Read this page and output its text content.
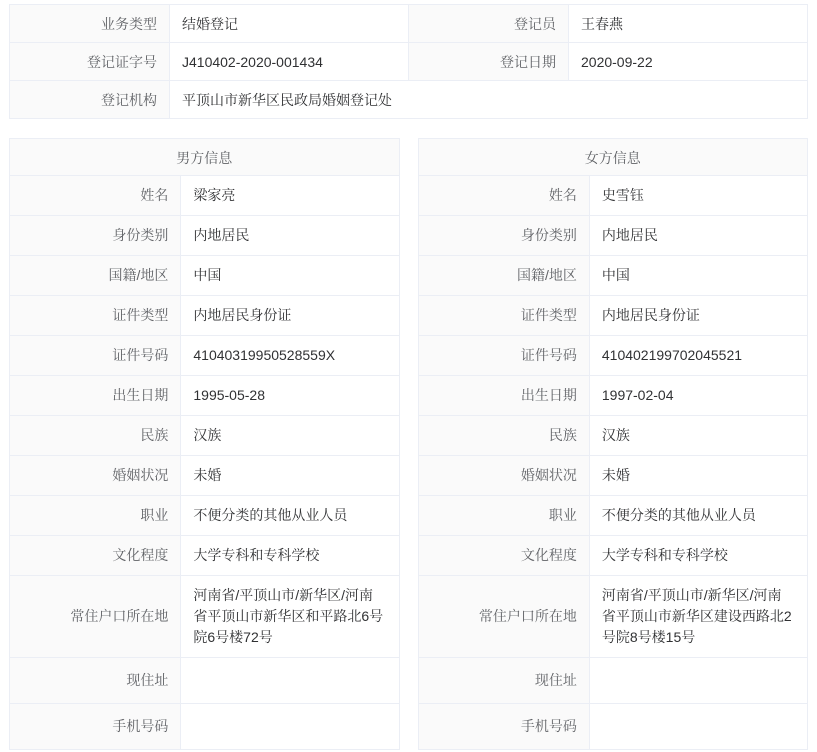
业务类型	结婚登记	登记员	王春燕
登记证字号	J410402-2020-001434	登记日期	2020-09-22
登记机构	平顶山市新华区民政局婚姻登记处		
男方信息
姓名	梁家亮
身份类别	内地居民
国籍/地区	中国
证件类型	内地居民身份证
证件号码	41040319950528559X
出生日期	1995-05-28
民族	汉族
婚姻状况	未婚
职业	不便分类的其他从业人员
文化程度	大学专科和专科学校
常住户口所在地	河南省/平顶山市/新华区/河南省平顶山市新华区和平路北6号院6号楼72号
现住址	
手机号码	
女方信息
姓名	史雪钰
身份类别	内地居民
国籍/地区	中国
证件类型	内地居民身份证
证件号码	410402199702045521
出生日期	1997-02-04
民族	汉族
婚姻状况	未婚
职业	不便分类的其他从业人员
文化程度	大学专科和专科学校
常住户口所在地	河南省/平顶山市/新华区/河南省平顶山市新华区建设西路北2号院8号楼15号
现住址	
手机号码	
